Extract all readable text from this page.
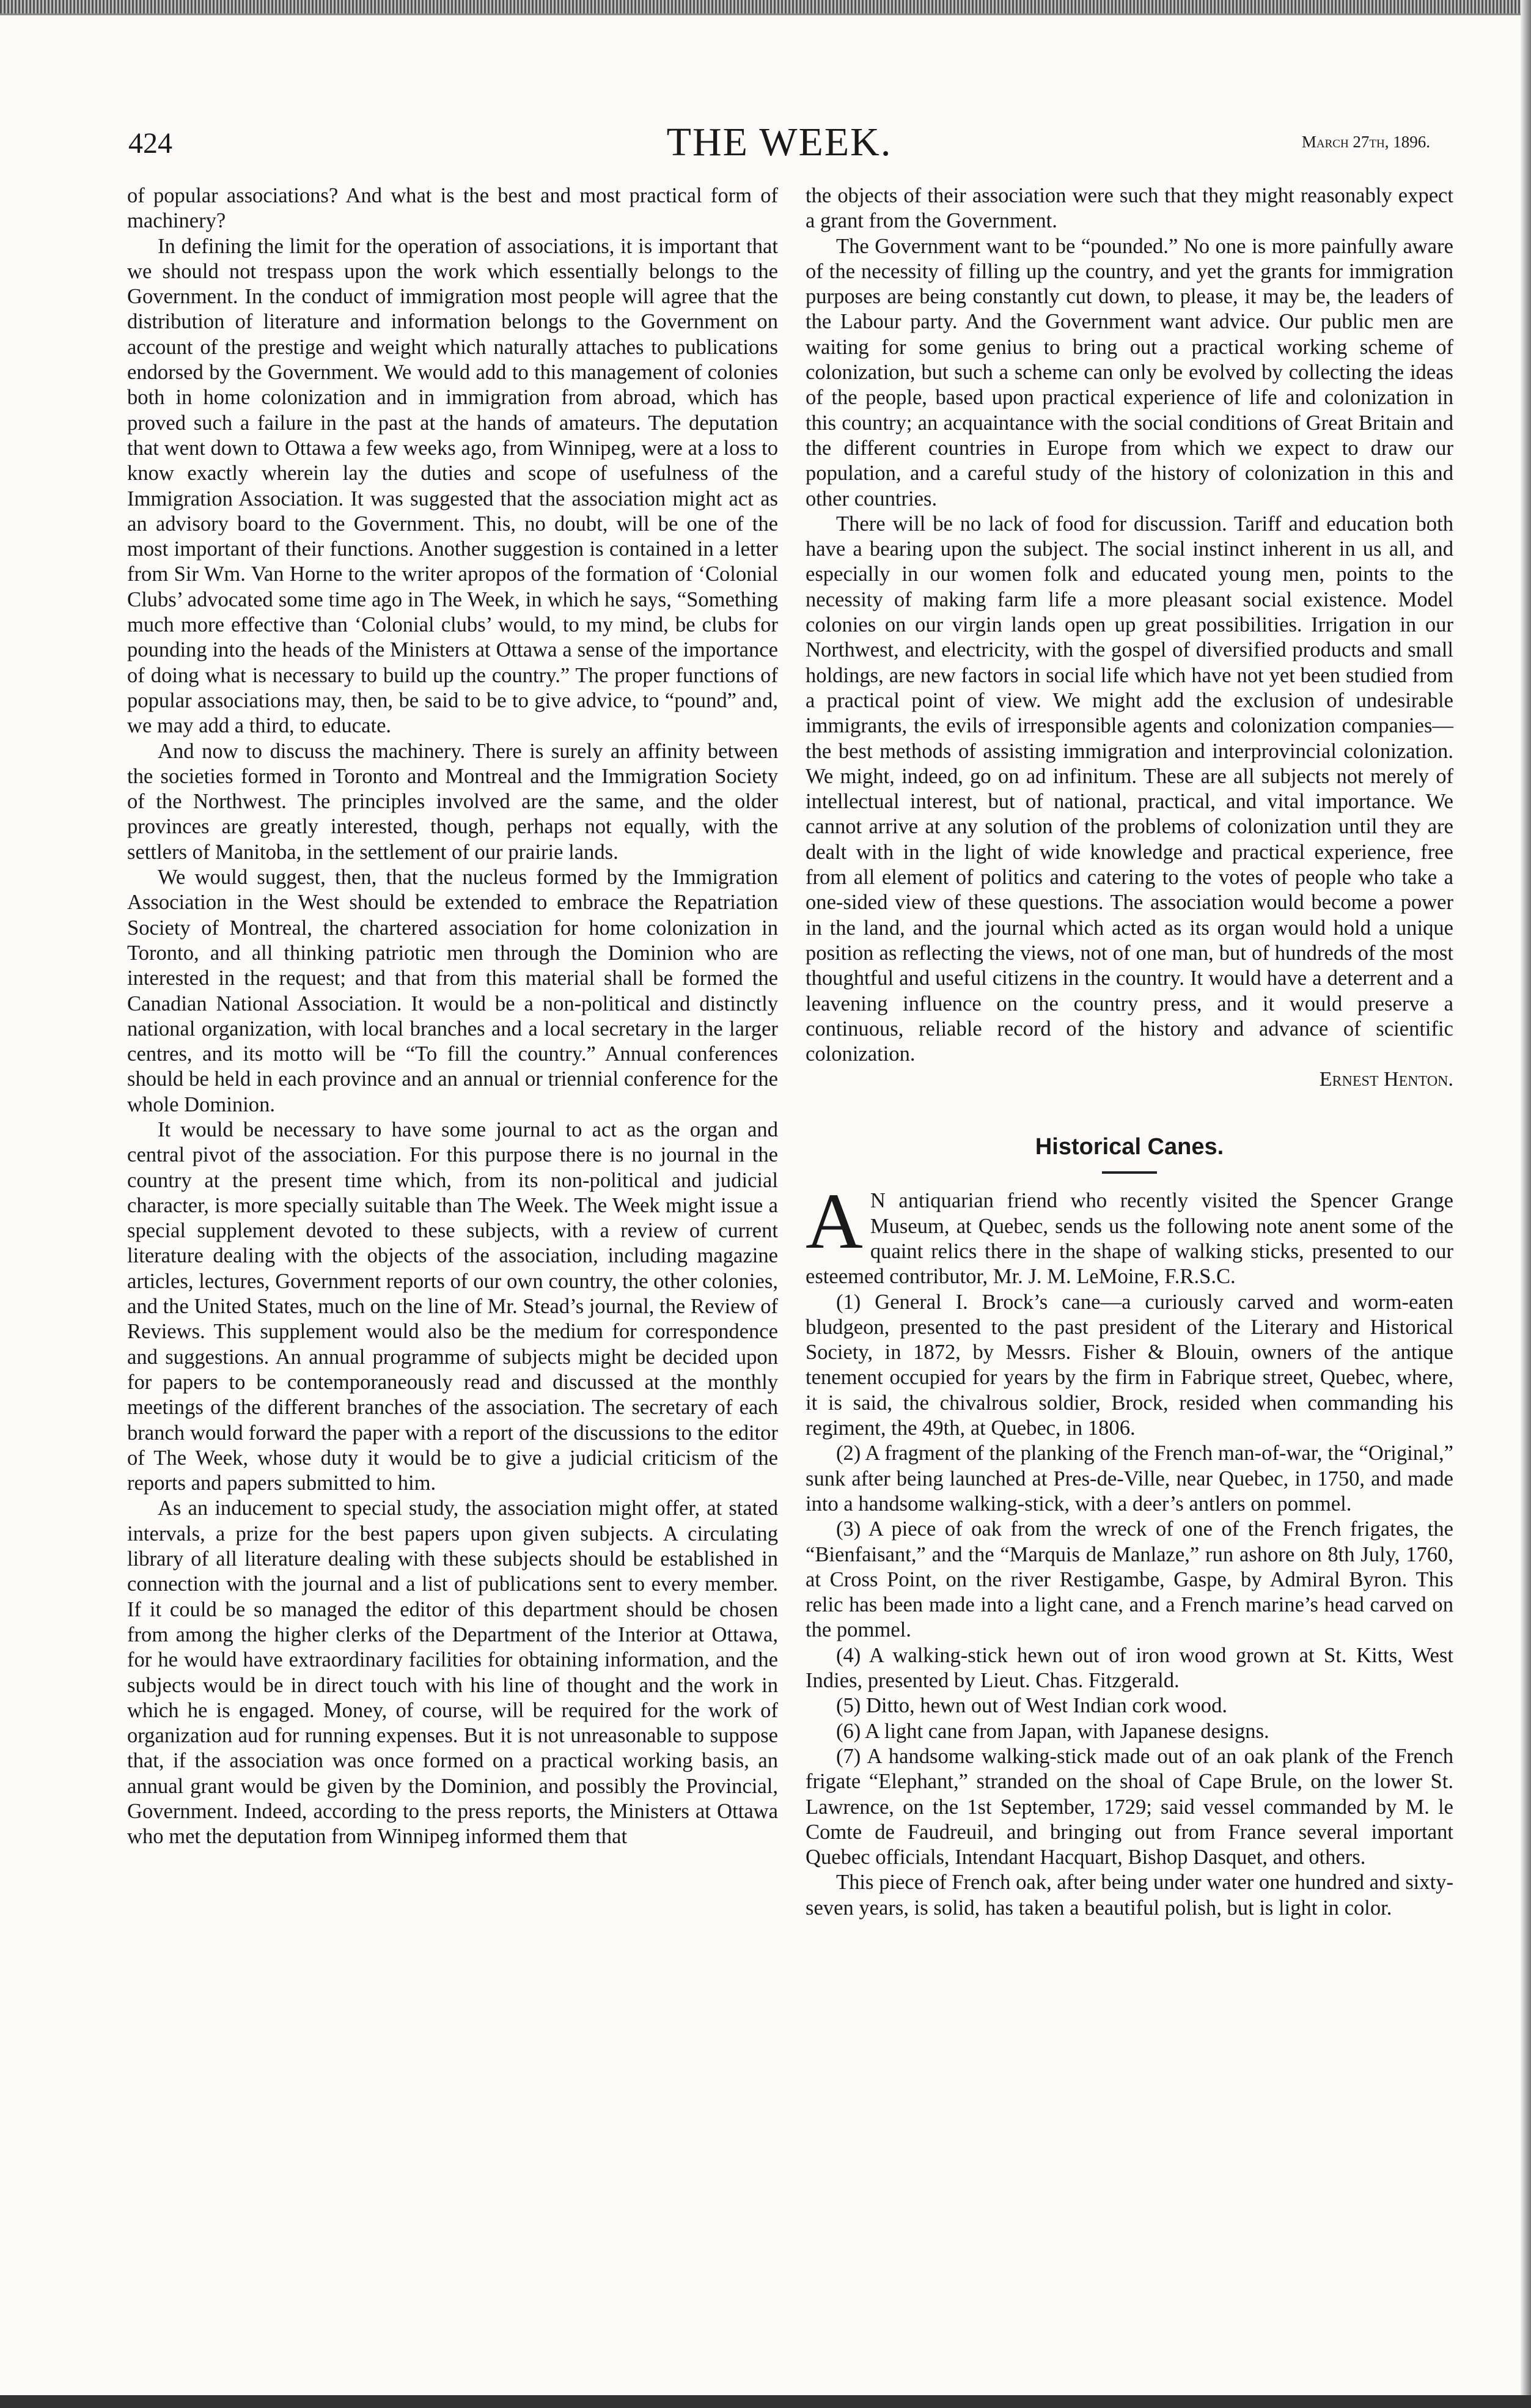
424	THE WEEK.	March 27th, 1896.

of popular associations? And what is the best and most practical form of machinery?

In defining the limit for the operation of associations, it is important that we should not trespass upon the work which essentially belongs to the Government. In the conduct of immigration most people will agree that the distribution of literature and information belongs to the Government on account of the prestige and weight which naturally attaches to publications endorsed by the Government. We would add to this management of colonies both in home colonization and in immigration from abroad, which has proved such a failure in the past at the hands of amateurs. The deputation that went down to Ottawa a few weeks ago, from Winnipeg, were at a loss to know exactly wherein lay the duties and scope of usefulness of the Immigration Association. It was suggested that the association might act as an advisory board to the Government. This, no doubt, will be one of the most important of their functions. Another suggestion is contained in a letter from Sir Wm. Van Horne to the writer apropos of the formation of ‘Colonial Clubs’ advocated some time ago in The Week, in which he says, “Something much more effective than ‘Colonial clubs’ would, to my mind, be clubs for pounding into the heads of the Ministers at Ottawa a sense of the importance of doing what is necessary to build up the country.” The proper functions of popular associations may, then, be said to be to give advice, to “pound” and, we may add a third, to educate.

And now to discuss the machinery. There is surely an affinity between the societies formed in Toronto and Montreal and the Immigration Society of the Northwest. The principles involved are the same, and the older provinces are greatly interested, though, perhaps not equally, with the settlers of Manitoba, in the settlement of our prairie lands.

We would suggest, then, that the nucleus formed by the Immigration Association in the West should be extended to embrace the Repatriation Society of Montreal, the chartered association for home colonization in Toronto, and all thinking patriotic men through the Dominion who are interested in the request; and that from this material shall be formed the Canadian National Association. It would be a non-political and distinctly national organization, with local branches and a local secretary in the larger centres, and its motto will be “To fill the country.” Annual conferences should be held in each province and an annual or triennial conference for the whole Dominion.

It would be necessary to have some journal to act as the organ and central pivot of the association. For this purpose there is no journal in the country at the present time which, from its non-political and judicial character, is more specially suitable than The Week. The Week might issue a special supplement devoted to these subjects, with a review of current literature dealing with the objects of the association, including magazine articles, lectures, Government reports of our own country, the other colonies, and the United States, much on the line of Mr. Stead’s journal, the Review of Reviews. This supplement would also be the medium for correspondence and suggestions. An annual programme of subjects might be decided upon for papers to be contemporaneously read and discussed at the monthly meetings of the different branches of the association. The secretary of each branch would forward the paper with a report of the discussions to the editor of The Week, whose duty it would be to give a judicial criticism of the reports and papers submitted to him.

As an inducement to special study, the association might offer, at stated intervals, a prize for the best papers upon given subjects. A circulating library of all literature dealing with these subjects should be established in connection with the journal and a list of publications sent to every member. If it could be so managed the editor of this department should be chosen from among the higher clerks of the Department of the Interior at Ottawa, for he would have extraordinary facilities for obtaining information, and the subjects would be in direct touch with his line of thought and the work in which he is engaged. Money, of course, will be required for the work of organization aud for running expenses. But it is not unreasonable to suppose that, if the association was once formed on a practical working basis, an annual grant would be given by the Dominion, and possibly the Provincial, Government. Indeed, according to the press reports, the Ministers at Ottawa who met the deputation from Winnipeg informed them that

the objects of their association were such that they might reasonably expect a grant from the Government.

The Government want to be “pounded.” No one is more painfully aware of the necessity of filling up the country, and yet the grants for immigration purposes are being constantly cut down, to please, it may be, the leaders of the Labour party. And the Government want advice. Our public men are waiting for some genius to bring out a practical working scheme of colonization, but such a scheme can only be evolved by collecting the ideas of the people, based upon practical experience of life and colonization in this country; an acquaintance with the social conditions of Great Britain and the different countries in Europe from which we expect to draw our population, and a careful study of the history of colonization in this and other countries.

There will be no lack of food for discussion. Tariff and education both have a bearing upon the subject. The social instinct inherent in us all, and especially in our women folk and educated young men, points to the necessity of making farm life a more pleasant social existence. Model colonies on our virgin lands open up great possibilities. Irrigation in our Northwest, and electricity, with the gospel of diversified products and small holdings, are new factors in social life which have not yet been studied from a practical point of view. We might add the exclusion of undesirable immigrants, the evils of irresponsible agents and colonization companies—the best methods of assisting immigration and interprovincial colonization. We might, indeed, go on ad infinitum. These are all subjects not merely of intellectual interest, but of national, practical, and vital importance. We cannot arrive at any solution of the problems of colonization until they are dealt with in the light of wide knowledge and practical experience, free from all element of politics and catering to the votes of people who take a one-sided view of these questions. The association would become a power in the land, and the journal which acted as its organ would hold a unique position as reflecting the views, not of one man, but of hundreds of the most thoughtful and useful citizens in the country. It would have a deterrent and a leavening influence on the country press, and it would preserve a continuous, reliable record of the history and advance of scientific colonization.

Ernest Henton.
Historical Canes.

A N antiquarian friend who recently visited the Spencer Grange Museum, at Quebec, sends us the following note anent some of the quaint relics there in the shape of walking sticks, presented to our esteemed contributor, Mr. J. M. LeMoine, F.R.S.C.

(1) General I. Brock’s cane—a curiously carved and worm-eaten bludgeon, presented to the past president of the Literary and Historical Society, in 1872, by Messrs. Fisher & Blouin, owners of the antique tenement occupied for years by the firm in Fabrique street, Quebec, where, it is said, the chivalrous soldier, Brock, resided when commanding his regiment, the 49th, at Quebec, in 1806.

(2) A fragment of the planking of the French man-of-war, the “Original,” sunk after being launched at Pres-de-Ville, near Quebec, in 1750, and made into a handsome walking-stick, with a deer’s antlers on pommel.

(3) A piece of oak from the wreck of one of the French frigates, the “Bienfaisant,” and the “Marquis de Manlaze,” run ashore on 8th July, 1760, at Cross Point, on the river Restigambe, Gaspe, by Admiral Byron. This relic has been made into a light cane, and a French marine’s head carved on the pommel.

(4) A walking-stick hewn out of iron wood grown at St. Kitts, West Indies, presented by Lieut. Chas. Fitzgerald.

(5) Ditto, hewn out of West Indian cork wood.

(6) A light cane from Japan, with Japanese designs.

(7) A handsome walking-stick made out of an oak plank of the French frigate “Elephant,” stranded on the shoal of Cape Brule, on the lower St. Lawrence, on the 1st September, 1729; said vessel commanded by M. le Comte de Faudreuil, and bringing out from France several important Quebec officials, Intendant Hacquart, Bishop Dasquet, and others.

This piece of French oak, after being under water one hundred and sixty-seven years, is solid, has taken a beautiful polish, but is light in color.
